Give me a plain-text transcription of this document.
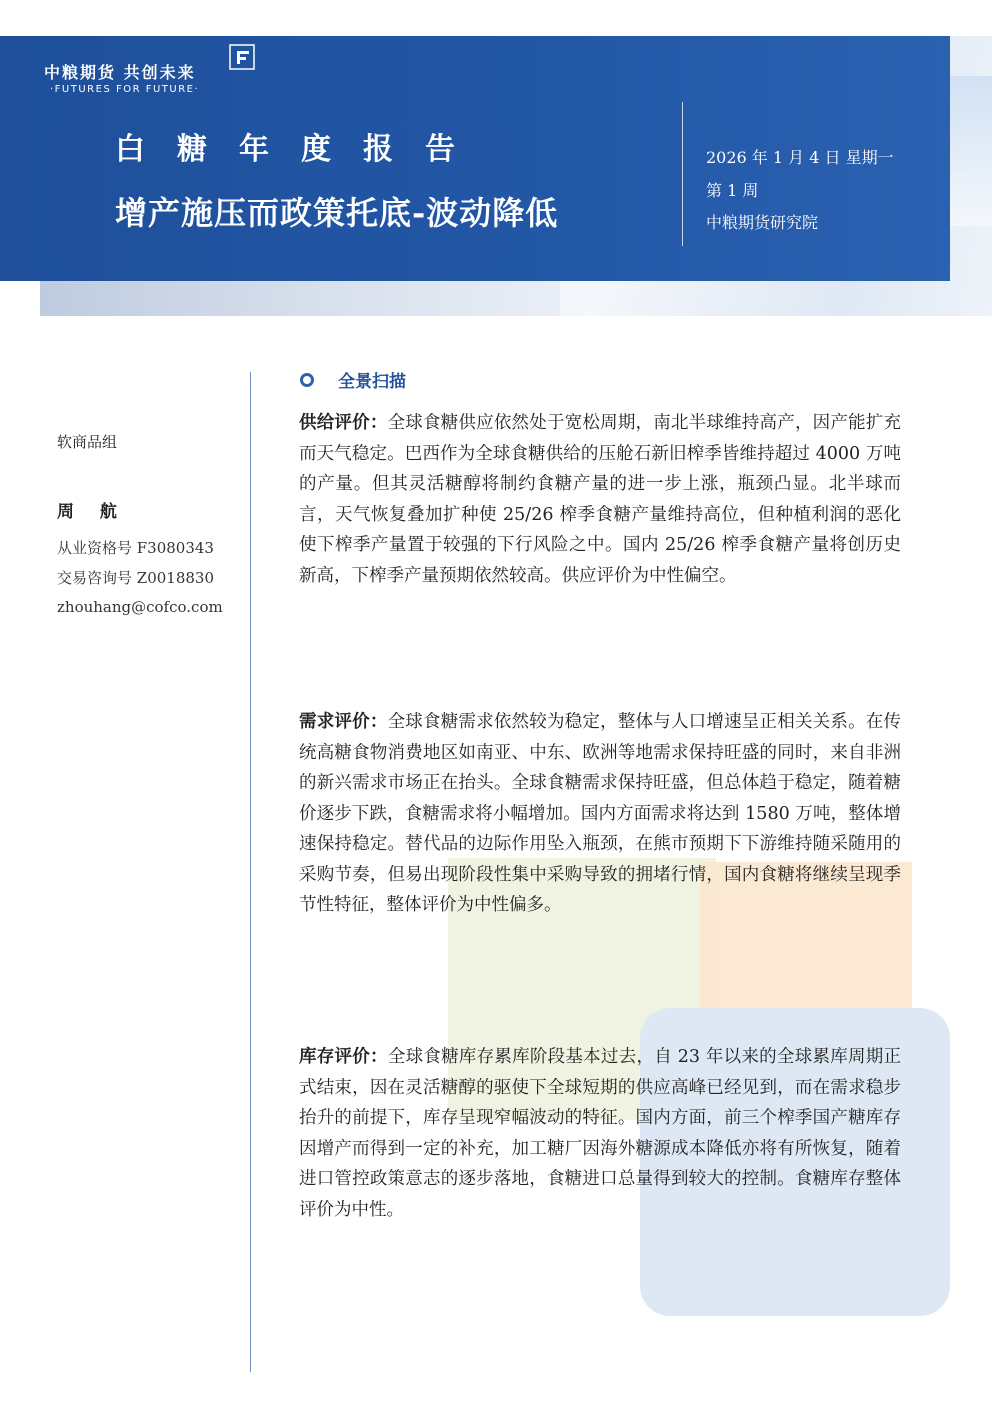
中粮期货 共创未来
·FUTURES FOR FUTURE·
白糖年度报告
增产施压而政策托底-波动降低
2026 年 1 月 4 日 星期一
第 1 周
中粮期货研究院
软商品组
周 航
从业资格号 F3080343
交易咨询号 Z0018830
zhouhang@cofco.com
全景扫描
供给评价：全球食糖供应依然处于宽松周期，南北半球维持高产，因产能扩充而天气稳定。巴西作为全球食糖供给的压舱石新旧榨季皆维持超过 4000 万吨的产量。但其灵活糖醇将制约食糖产量的进一步上涨，瓶颈凸显。北半球而言，天气恢复叠加扩种使 25/26 榨季食糖产量维持高位，但种植利润的恶化使下榨季产量置于较强的下行风险之中。国内 25/26 榨季食糖产量将创历史新高，下榨季产量预期依然较高。供应评价为中性偏空。
需求评价：全球食糖需求依然较为稳定，整体与人口增速呈正相关关系。在传统高糖食物消费地区如南亚、中东、欧洲等地需求保持旺盛的同时，来自非洲的新兴需求市场正在抬头。全球食糖需求保持旺盛，但总体趋于稳定，随着糖价逐步下跌，食糖需求将小幅增加。国内方面需求将达到 1580 万吨，整体增速保持稳定。替代品的边际作用坠入瓶颈，在熊市预期下下游维持随采随用的采购节奏，但易出现阶段性集中采购导致的拥堵行情，国内食糖将继续呈现季节性特征，整体评价为中性偏多。
库存评价：全球食糖库存累库阶段基本过去，自 23 年以来的全球累库周期正式结束，因在灵活糖醇的驱使下全球短期的供应高峰已经见到，而在需求稳步抬升的前提下，库存呈现窄幅波动的特征。国内方面，前三个榨季国产糖库存因增产而得到一定的补充，加工糖厂因海外糖源成本降低亦将有所恢复，随着进口管控政策意志的逐步落地，食糖进口总量得到较大的控制。食糖库存整体评价为中性。
